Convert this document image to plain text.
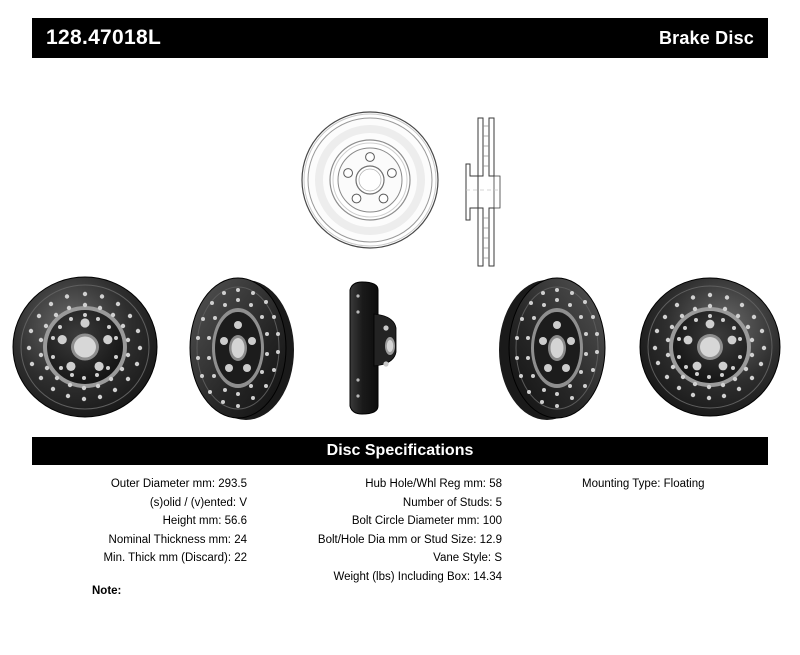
128.47018L	Brake Disc
Disc Specifications
Outer Diameter mm: 293.5
(s)olid / (v)ented: V
Height mm: 56.6
Nominal Thickness mm: 24
Min. Thick mm (Discard): 22
Hub Hole/Whl Reg mm: 58
Number of Studs: 5
Bolt Circle Diameter mm: 100
Bolt/Hole Dia mm or Stud Size: 12.9
Vane Style: S
Weight (lbs) Including Box: 14.34
Mounting Type: Floating
Note:
